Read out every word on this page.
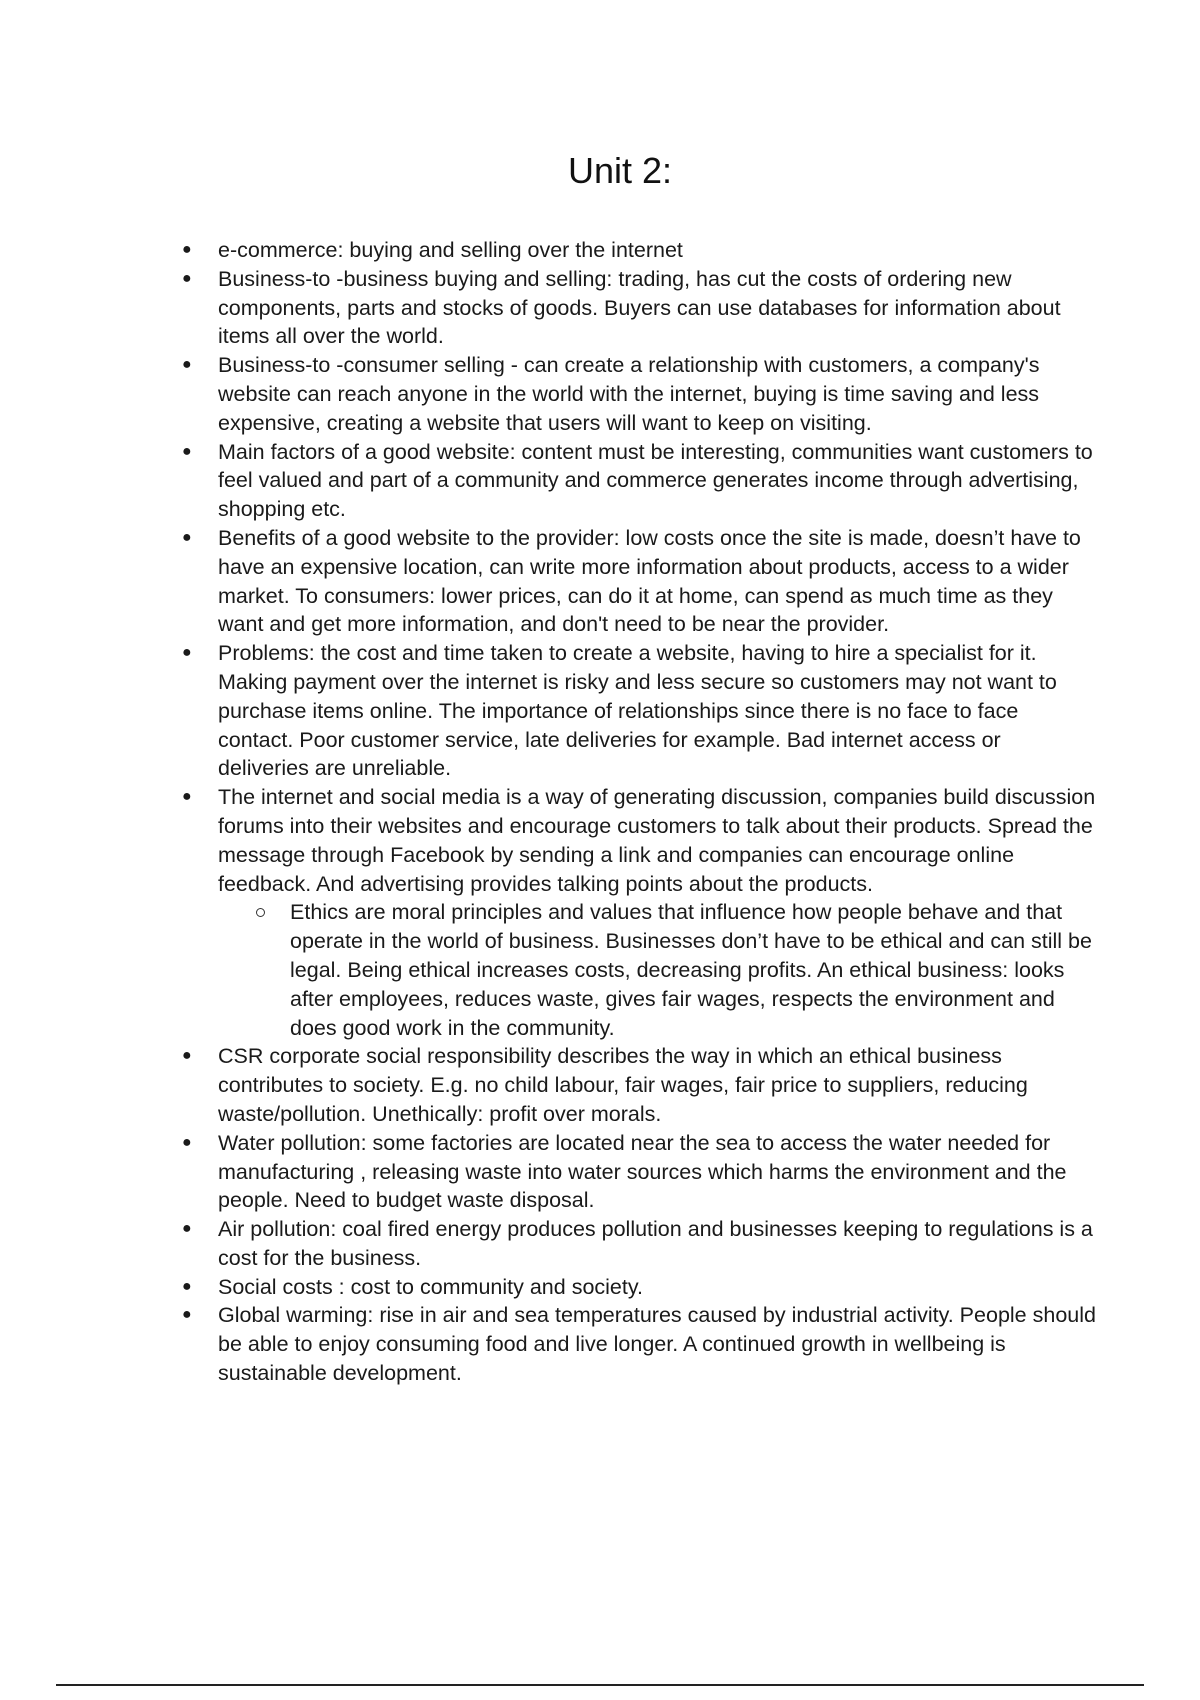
Unit 2:
● e-commerce: buying and selling over the internet
● Business-to -business buying and selling: trading, has cut the costs of ordering new components, parts and stocks of goods. Buyers can use databases for information about items all over the world.
● Business-to -consumer selling - can create a relationship with customers, a company's website can reach anyone in the world with the internet, buying is time saving and less expensive, creating a website that users will want to keep on visiting.
● Main factors of a good website: content must be interesting, communities want customers to feel valued and part of a community and commerce generates income through advertising, shopping etc.
● Benefits of a good website to the provider: low costs once the site is made, doesn’t have to have an expensive location, can write more information about products, access to a wider market. To consumers: lower prices, can do it at home, can spend as much time as they want and get more information, and don't need to be near the provider.
● Problems: the cost and time taken to create a website, having to hire a specialist for it. Making payment over the internet is risky and less secure so customers may not want to purchase items online. The importance of relationships since there is no face to face contact. Poor customer service, late deliveries for example. Bad internet access or deliveries are unreliable.
● The internet and social media is a way of generating discussion, companies build discussion forums into their websites and encourage customers to talk about their products. Spread the message through Facebook by sending a link and companies can encourage online feedback. And advertising provides talking points about the products.
Ethics are moral principles and values that influence how people behave and that operate in the world of business. Businesses don’t have to be ethical and can still be legal. Being ethical increases costs, decreasing profits. An ethical business: looks after employees, reduces waste, gives fair wages, respects the environment and does good work in the community.
● CSR corporate social responsibility describes the way in which an ethical business contributes to society. E.g. no child labour, fair wages, fair price to suppliers, reducing waste/pollution. Unethically: profit over morals.
● Water pollution: some factories are located near the sea to access the water needed for manufacturing , releasing waste into water sources which harms the environment and the people. Need to budget waste disposal.
● Air pollution: coal fired energy produces pollution and businesses keeping to regulations is a cost for the business.
● Social costs : cost to community and society.
● Global warming: rise in air and sea temperatures caused by industrial activity. People should be able to enjoy consuming food and live longer. A continued growth in wellbeing is sustainable development.
